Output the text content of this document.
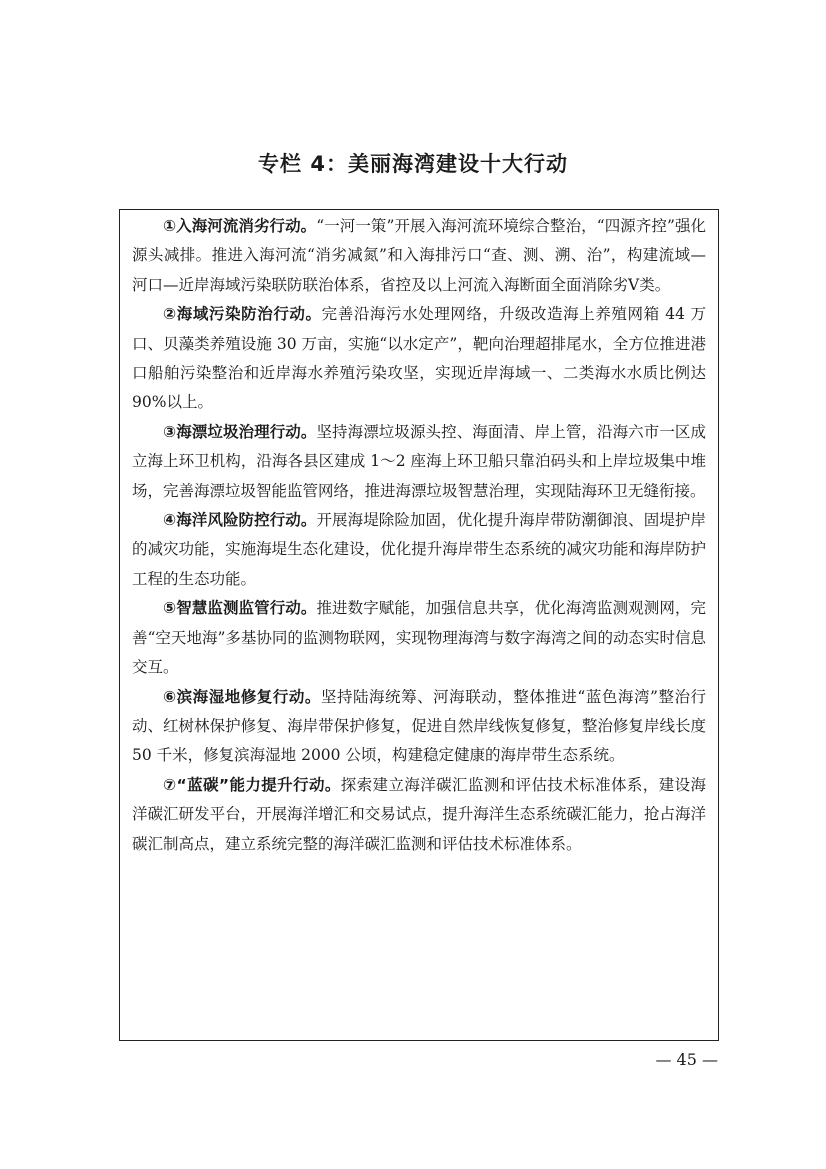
专栏 4：美丽海湾建设十大行动

①入海河流消劣行动。“一河一策”开展入海河流环境综合整治，“四源齐控”强化源头减排。推进入海河流“消劣减氮”和入海排污口“查、测、溯、治”，构建流域—河口—近岸海域污染联防联治体系，省控及以上河流入海断面全面消除劣Ⅴ类。

②海域污染防治行动。完善沿海污水处理网络，升级改造海上养殖网箱 44 万口、贝藻类养殖设施 30 万亩，实施“以水定产”，靶向治理超排尾水，全方位推进港口船舶污染整治和近岸海水养殖污染攻坚，实现近岸海域一、二类海水水质比例达 90%以上。

③海漂垃圾治理行动。坚持海漂垃圾源头控、海面清、岸上管，沿海六市一区成立海上环卫机构，沿海各县区建成 1～2 座海上环卫船只靠泊码头和上岸垃圾集中堆场，完善海漂垃圾智能监管网络，推进海漂垃圾智慧治理，实现陆海环卫无缝衔接。

④海洋风险防控行动。开展海堤除险加固，优化提升海岸带防潮御浪、固堤护岸的减灾功能，实施海堤生态化建设，优化提升海岸带生态系统的减灾功能和海岸防护工程的生态功能。

⑤智慧监测监管行动。推进数字赋能，加强信息共享，优化海湾监测观测网，完善“空天地海”多基协同的监测物联网，实现物理海湾与数字海湾之间的动态实时信息交互。

⑥滨海湿地修复行动。坚持陆海统筹、河海联动，整体推进“蓝色海湾”整治行动、红树林保护修复、海岸带保护修复，促进自然岸线恢复修复，整治修复岸线长度 50 千米，修复滨海湿地 2000 公顷，构建稳定健康的海岸带生态系统。

⑦“蓝碳”能力提升行动。探索建立海洋碳汇监测和评估技术标准体系，建设海洋碳汇研发平台，开展海洋增汇和交易试点，提升海洋生态系统碳汇能力，抢占海洋碳汇制高点，建立系统完整的海洋碳汇监测和评估技术标准体系。

— 45 —
